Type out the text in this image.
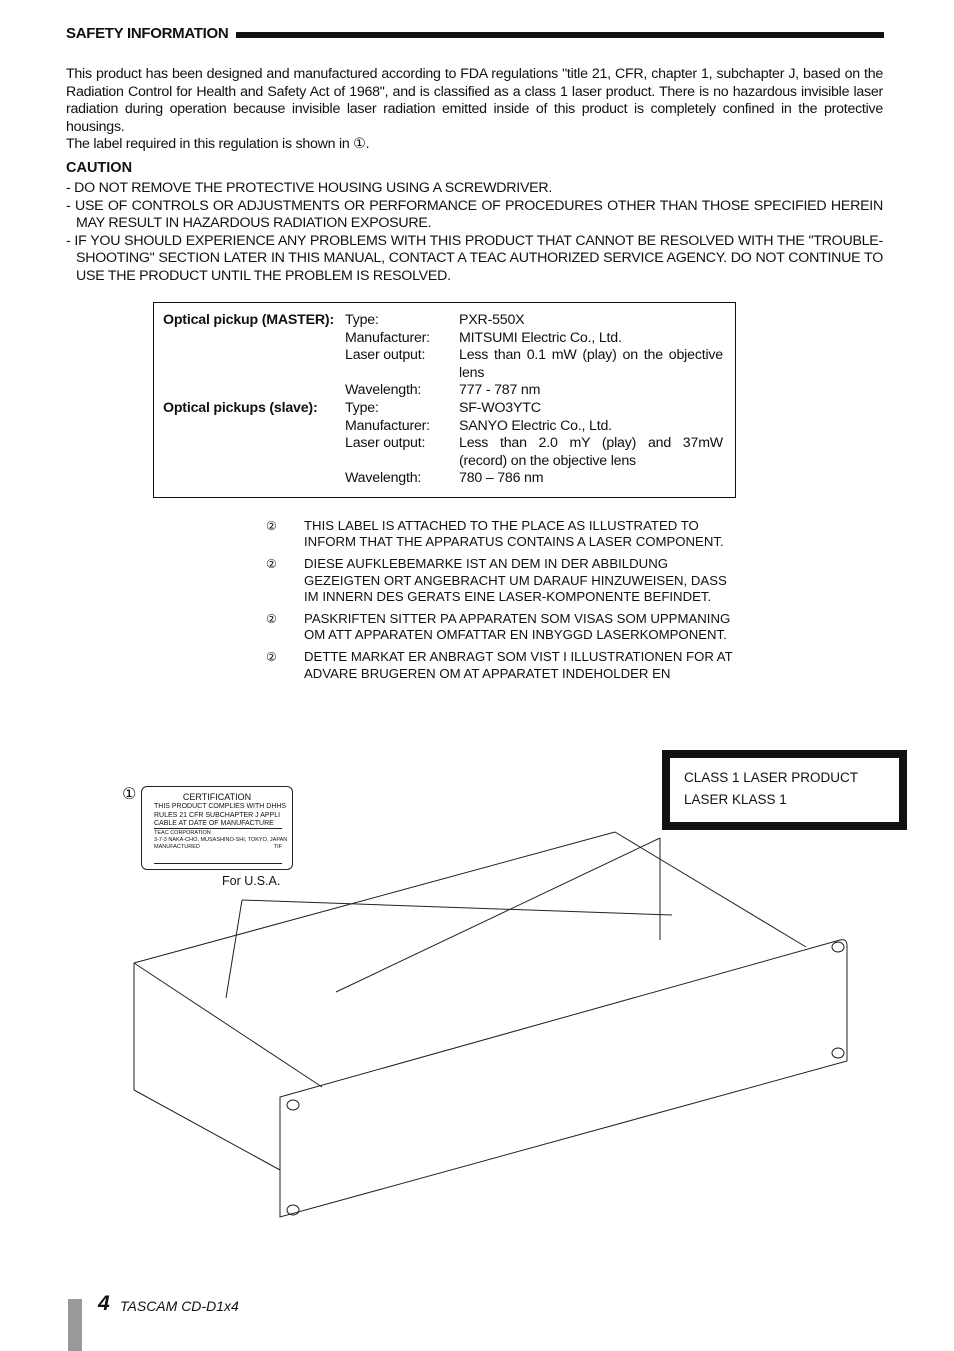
SAFETY INFORMATION

This product has been designed and manufactured according to FDA regulations "title 21, CFR, chapter 1, subchapter J, based on the Radiation Control for Health and Safety Act of 1968", and is classified as a class 1 laser product. There is no hazardous invisible laser radiation during operation because invisible laser radiation emitted inside of this product is completely confined in the protective housings.

The label required in this regulation is shown in ①.

CAUTION
- DO NOT REMOVE THE PROTECTIVE HOUSING USING A SCREWDRIVER.
- USE OF CONTROLS OR ADJUSTMENTS OR PERFORMANCE OF PROCEDURES OTHER THAN THOSE SPECIFIED HEREIN MAY RESULT IN HAZARDOUS RADIATION EXPOSURE.
- IF YOU SHOULD EXPERIENCE ANY PROBLEMS WITH THIS PRODUCT THAT CANNOT BE RESOLVED WITH THE "TROUBLE-SHOOTING" SECTION LATER IN THIS MANUAL, CONTACT A TEAC AUTHORIZED SERVICE AGENCY. DO NOT CONTINUE TO USE THE PRODUCT UNTIL THE PROBLEM IS RESOLVED.
Optical pickup (MASTER): Type:	PXR-550X
Manufacturer: MITSUMI Electric Co., Ltd.
Laser output: Less than 0.1 mW (play) on the objective lens
Wavelength:	777 - 787 nm
Optical pickups (slave): Type:	SF-WO3YTC
Manufacturer: SANYO Electric Co., Ltd.
Laser output: Less than 2.0 mY (play) and 37mW (record) on the objective lens
Wavelength:	780 – 786 nm
② THIS LABEL IS ATTACHED TO THE PLACE AS ILLUSTRATED TO INFORM THAT THE APPARATUS CONTAINS A LASER COMPONENT.
② DIESE AUFKLEBEMARKE IST AN DEM IN DER ABBILDUNG GEZEIGTEN ORT ANGEBRACHT UM DARAUF HINZUWEISEN, DASS IM INNERN DES GERATS EINE LASER-KOMPONENTE BEFINDET.
② PASKRIFTEN SITTER PA APPARATEN SOM VISAS SOM UPPMANING OM ATT APPARATEN OMFATTAR EN INBYGGD LASERKOMPONENT.
② DETTE MARKAT ER ANBRAGT SOM VIST I ILLUSTRATIONEN FOR AT ADVARE BRUGEREN OM AT APPARATET INDEHOLDER EN
CLASS 1 LASER PRODUCT
LASER KLASS 1
①	CERTIFICATION
THIS PRODUCT COMPLIES WITH DHHS
RULES 21 CFR SUBCHAPTER J APPLI
CABLE AT DATE OF MANUFACTURE
TEAC CORPORATION
3-7-3 NAKA-CHO, MUSASHINO-SHI, TOKYO, JAPAN
MANUFACTURED	TIF
For U.S.A.
4 TASCAM CD-D1x4
